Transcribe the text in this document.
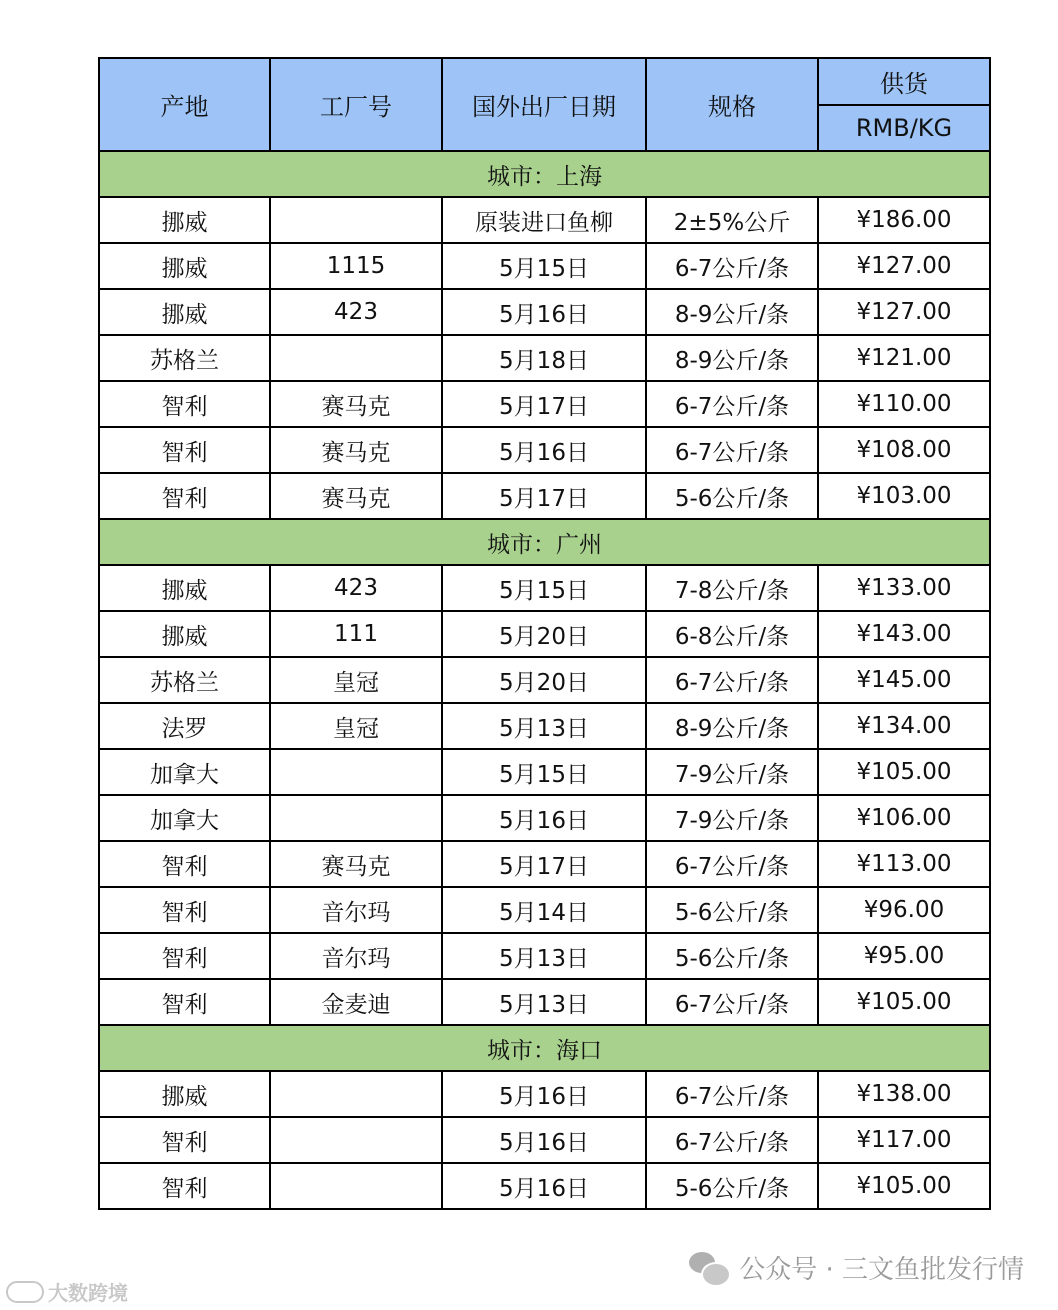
产地	工厂号	国外出厂日期	规格	供货
				RMB/KG
城市：上海				
挪威		原装进口鱼柳	2±5%公斤	¥186.00
挪威	1115	5月15日	6-7公斤/条	¥127.00
挪威	423	5月16日	8-9公斤/条	¥127.00
苏格兰		5月18日	8-9公斤/条	¥121.00
智利	赛马克	5月17日	6-7公斤/条	¥110.00
智利	赛马克	5月16日	6-7公斤/条	¥108.00
智利	赛马克	5月17日	5-6公斤/条	¥103.00
城市：广州				
挪威	423	5月15日	7-8公斤/条	¥133.00
挪威	111	5月20日	6-8公斤/条	¥143.00
苏格兰	皇冠	5月20日	6-7公斤/条	¥145.00
法罗	皇冠	5月13日	8-9公斤/条	¥134.00
加拿大		5月15日	7-9公斤/条	¥105.00
加拿大		5月16日	7-9公斤/条	¥106.00
智利	赛马克	5月17日	6-7公斤/条	¥113.00
智利	音尔玛	5月14日	5-6公斤/条	¥96.00
智利	音尔玛	5月13日	5-6公斤/条	¥95.00
智利	金麦迪	5月13日	6-7公斤/条	¥105.00
城市：海口				
挪威		5月16日	6-7公斤/条	¥138.00
智利		5月16日	6-7公斤/条	¥117.00
智利		5月16日	5-6公斤/条	¥105.00
公众号 · 三文鱼批发行情
大数跨境
